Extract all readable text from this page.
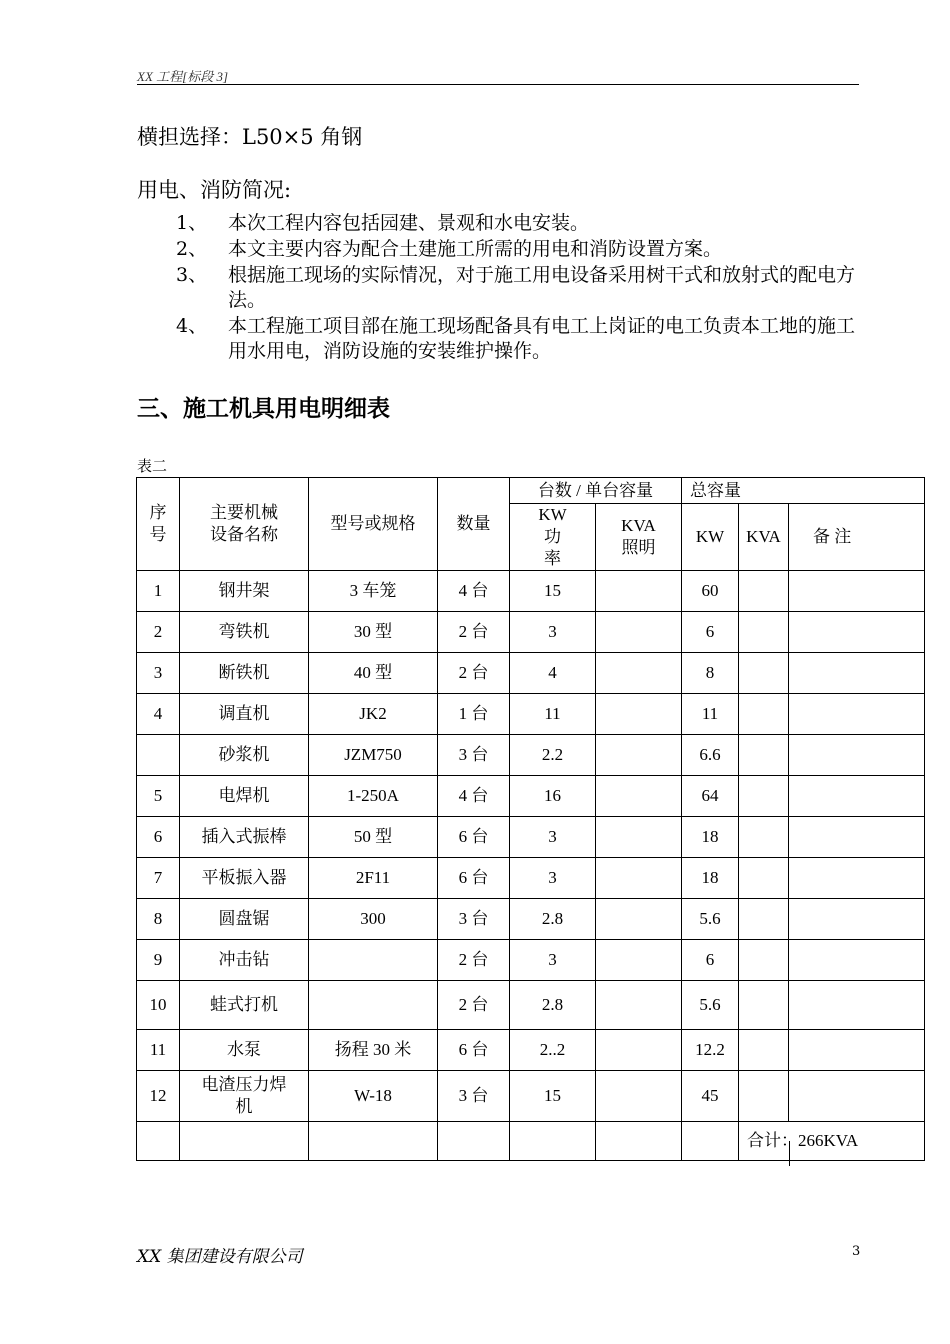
XX 工程[标段 3]
横担选择：L50×5 角钢
用电、消防简况:
1、	本次工程内容包括园建、景观和水电安装。
2、	本文主要内容为配合土建施工所需的用电和消防设置方案。
3、	根据施工现场的实际情况，对于施工用电设备采用树干式和放射式的配电方法。
4、	本工程施工项目部在施工现场配备具有电工上岗证的电工负责本工地的施工用水用电，消防设施的安装维护操作。
三、施工机具用电明细表
表二
序号	主要机械设备名称	型号或规格	数量	台数 / 单台容量		总容量		
				KW功率	KVA照明	KW	KVA	备 注
1	钢井架	3 车笼	4 台	15		60		
2	弯铁机	30 型	2 台	3		6		
3	断铁机	40 型	2 台	4		8		
4	调直机	JK2	1 台	11		11		
	砂浆机	JZM750	3 台	2.2		6.6		
5	电焊机	1-250A	4 台	16		64		
6	插入式振棒	50 型	6 台	3		18		
7	平板振入器	2F11	6 台	3		18		
8	圆盘锯	300	3 台	2.8		5.6		
9	冲击钻		2 台	3		6		
10	蛙式打机		2 台	2.8		5.6		
11	水泵	扬程 30 米	6 台	2..2		12.2		
12	电渣压力焊机	W-18	3 台	15		45		
							合计：266KVA	
XX 集团建设有限公司	3
